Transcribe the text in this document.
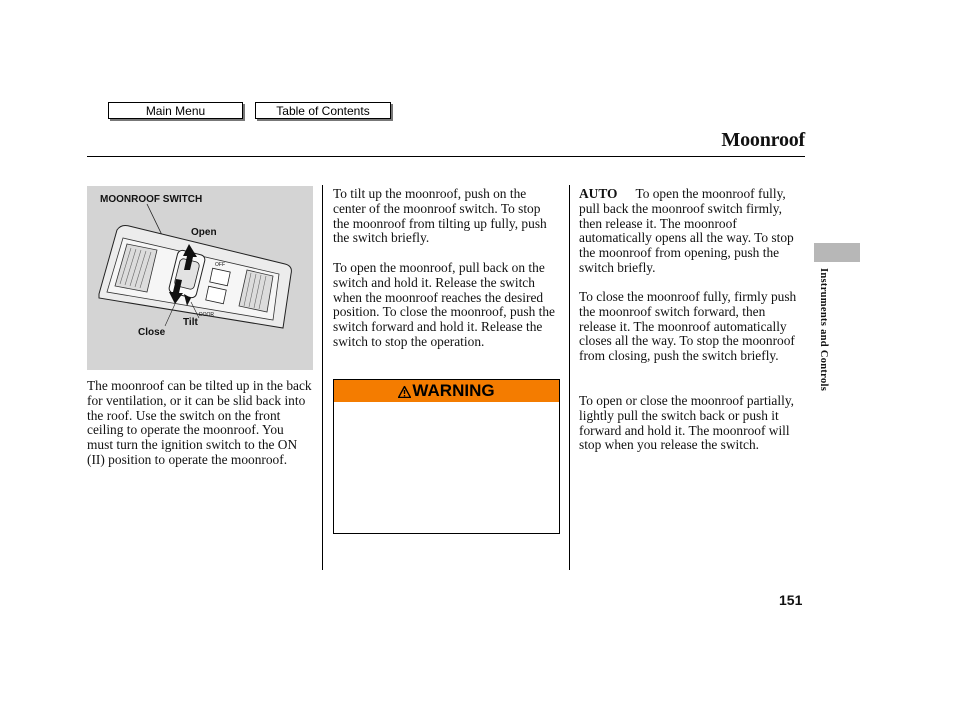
Main Menu	Table of Contents
Moonroof
OFF
DOOR
MOONROOF SWITCH
Open
Tilt
Close

The moonroof can be tilted up in the back for ventilation, or it can be slid back into the roof. Use the switch on the front ceiling to operate the moonroof. You must turn the ignition switch to the ON (II) position to operate the moonroof.

To tilt up the moonroof, push on the center of the moonroof switch. To stop the moonroof from tilting up fully, push the switch briefly.

To open the moonroof, pull back on the switch and hold it. Release the switch when the moonroof reaches the desired position. To close the moonroof, push the switch forward and hold it. Release the switch to stop the operation.

WARNING

AUTO To open the moonroof fully, pull back the moonroof switch firmly, then release it. The moonroof automatically opens all the way. To stop the moonroof from opening, push the switch briefly.

To close the moonroof fully, firmly push the moonroof switch forward, then release it. The moonroof automatically closes all the way. To stop the moonroof from closing, push the switch briefly.

To open or close the moonroof partially, lightly pull the switch back or push it forward and hold it. The moonroof will stop when you release the switch.

Instruments and Controls
151
